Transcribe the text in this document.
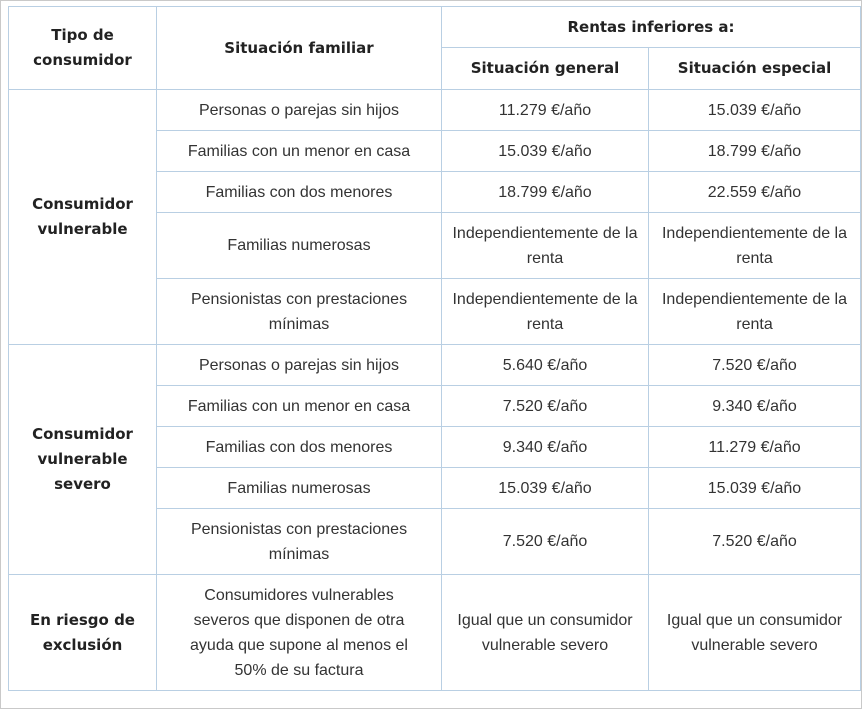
Tipo de consumidor	Situación familiar	Rentas inferiores a:	
		Situación general	Situación especial
Consumidor vulnerable	Personas o parejas sin hijos	11.279 €/año	15.039 €/año
	Familias con un menor en casa	15.039 €/año	18.799 €/año
	Familias con dos menores	18.799 €/año	22.559 €/año
	Familias numerosas	Independientemente de la renta	Independientemente de la renta
	Pensionistas con prestaciones mínimas	Independientemente de la renta	Independientemente de la renta
Consumidor vulnerable severo	Personas o parejas sin hijos	5.640 €/año	7.520 €/año
	Familias con un menor en casa	7.520 €/año	9.340 €/año
	Familias con dos menores	9.340 €/año	11.279 €/año
	Familias numerosas	15.039 €/año	15.039 €/año
	Pensionistas con prestaciones mínimas	7.520 €/año	7.520 €/año
En riesgo de exclusión	Consumidores vulnerables severos que disponen de otra ayuda que supone al menos el 50% de su factura	Igual que un consumidor vulnerable severo	Igual que un consumidor vulnerable severo
